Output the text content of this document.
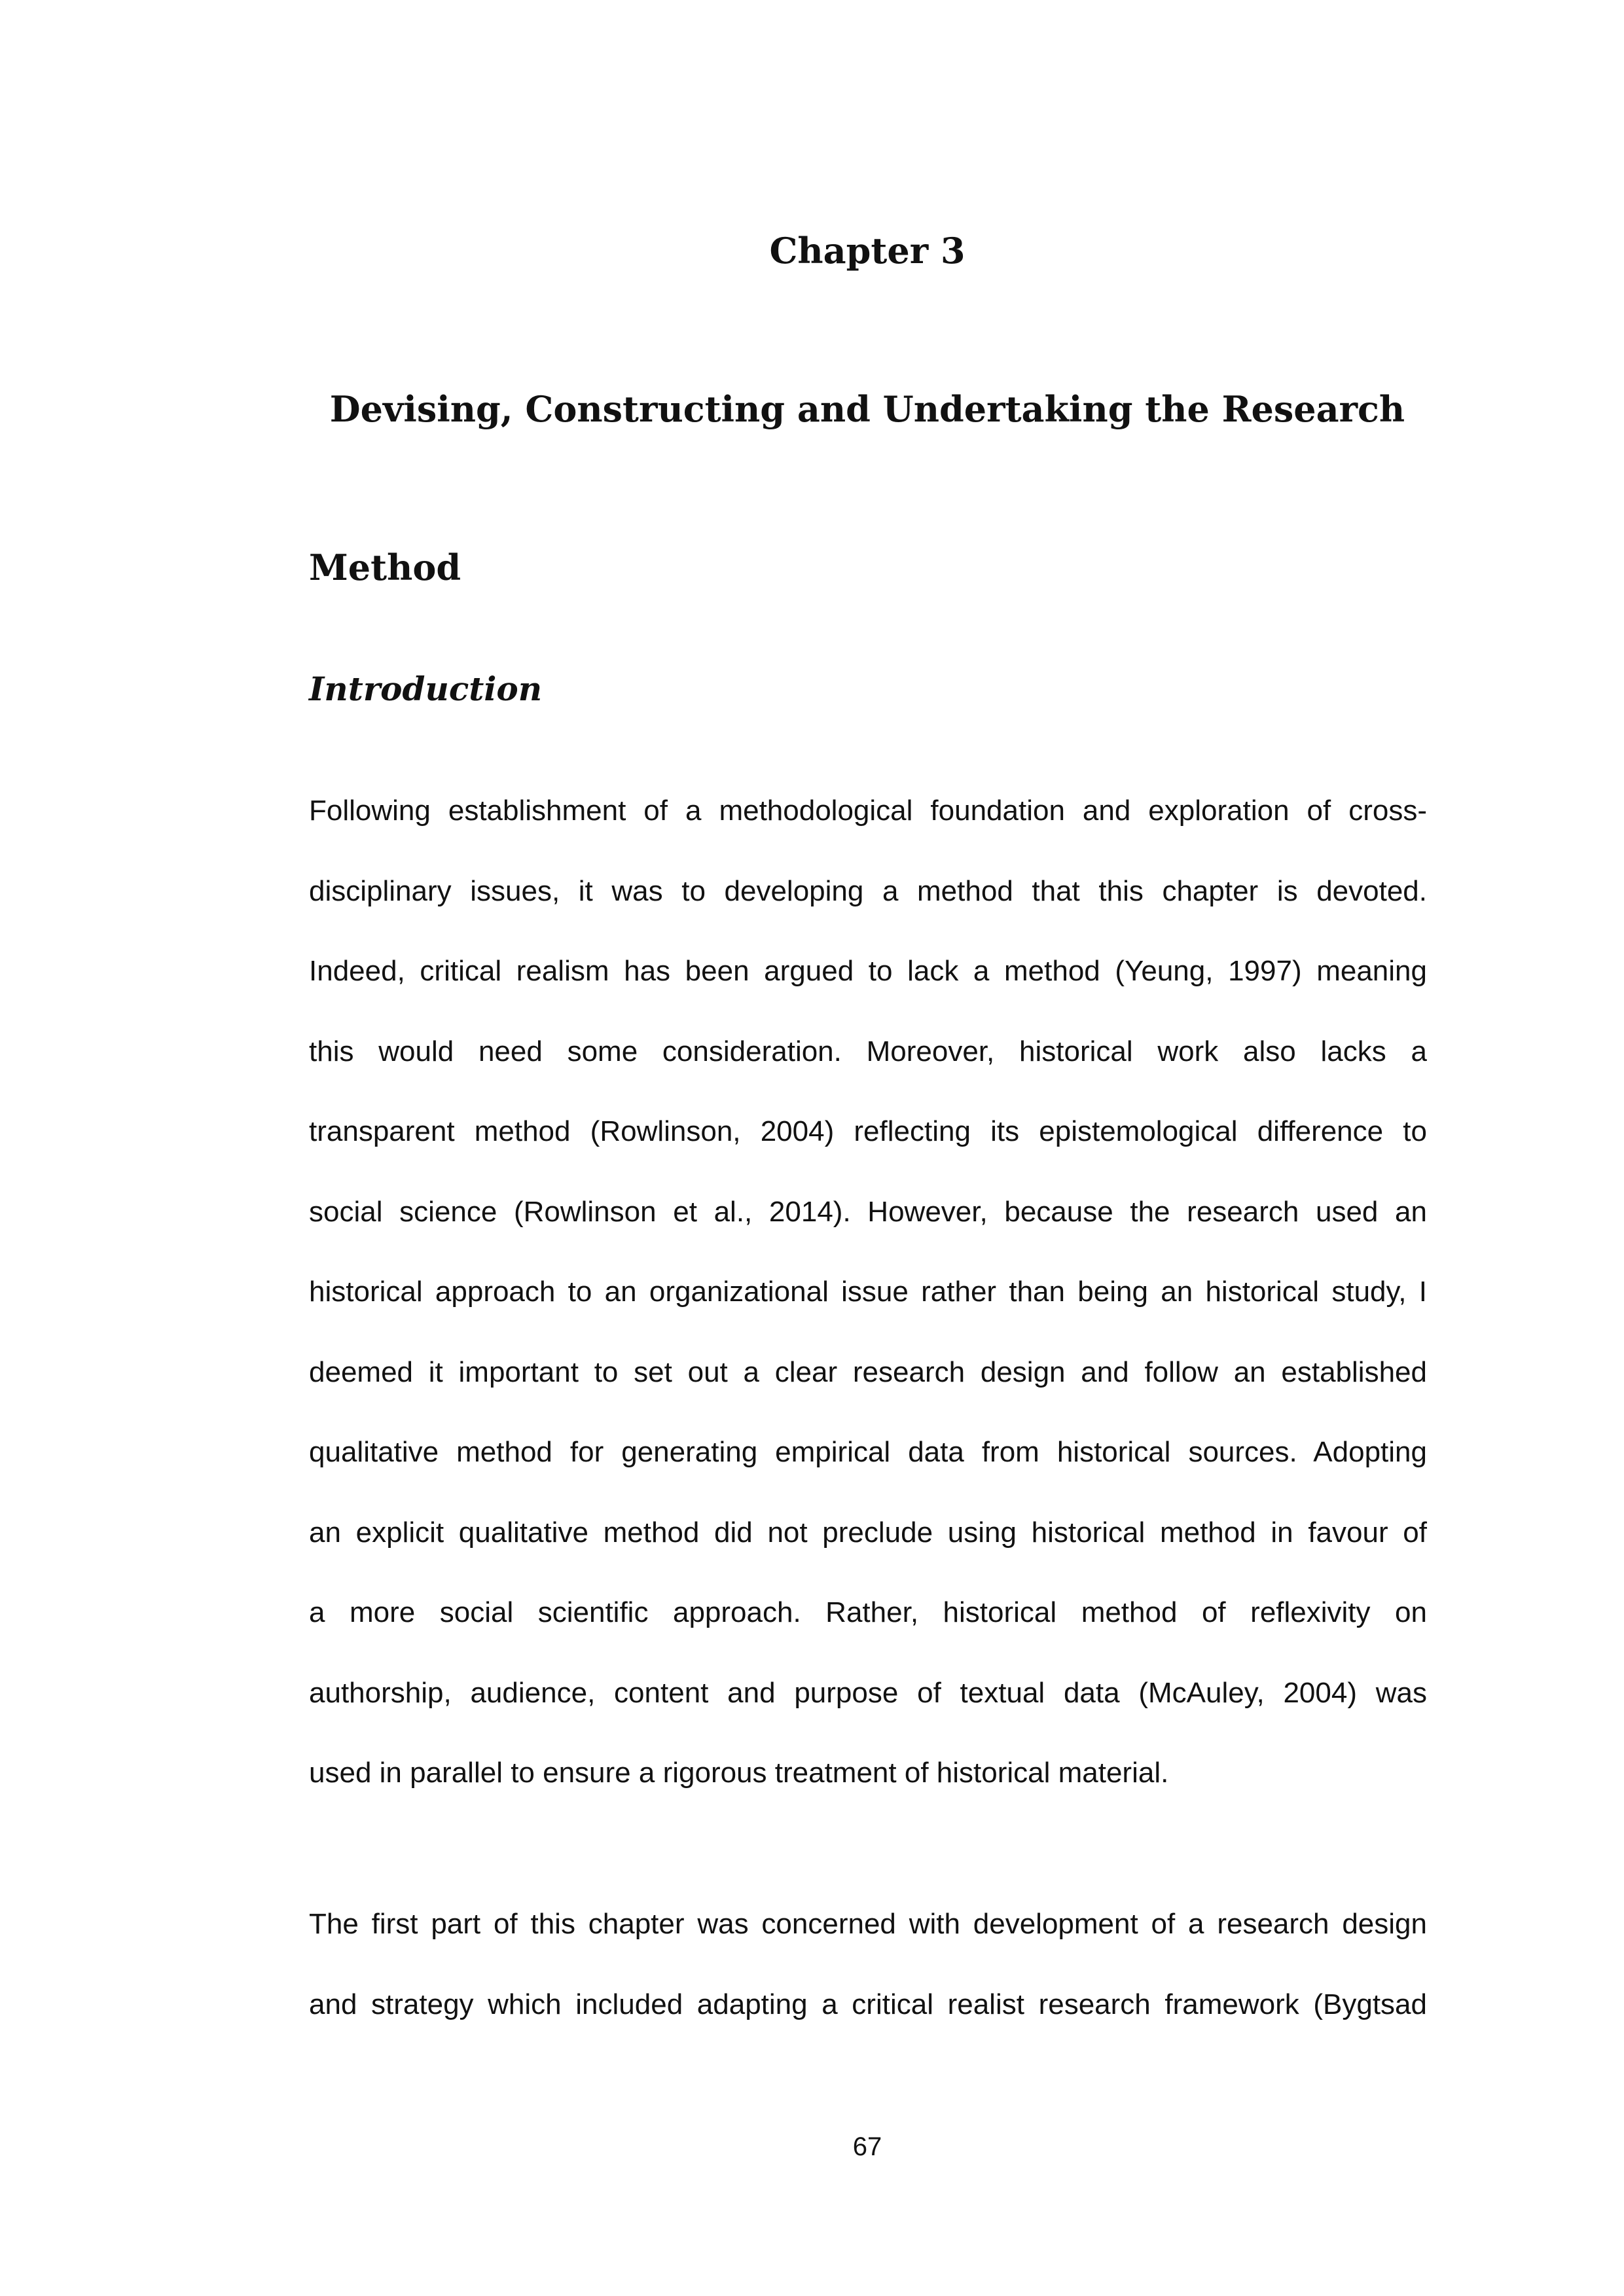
Chapter 3
Devising, Constructing and Undertaking the Research
Method
Introduction
Following establishment of a methodological foundation and exploration of cross-
disciplinary issues, it was to developing a method that this chapter is devoted.
Indeed, critical realism has been argued to lack a method (Yeung, 1997) meaning
this would need some consideration. Moreover, historical work also lacks a
transparent method (Rowlinson, 2004) reflecting its epistemological difference to
social science (Rowlinson et al., 2014). However, because the research used an
historical approach to an organizational issue rather than being an historical study, I
deemed it important to set out a clear research design and follow an established
qualitative method for generating empirical data from historical sources. Adopting
an explicit qualitative method did not preclude using historical method in favour of
a more social scientific approach. Rather, historical method of reflexivity on
authorship, audience, content and purpose of textual data (McAuley, 2004) was
used in parallel to ensure a rigorous treatment of historical material.
The first part of this chapter was concerned with development of a research design
and strategy which included adapting a critical realist research framework (Bygtsad
67
